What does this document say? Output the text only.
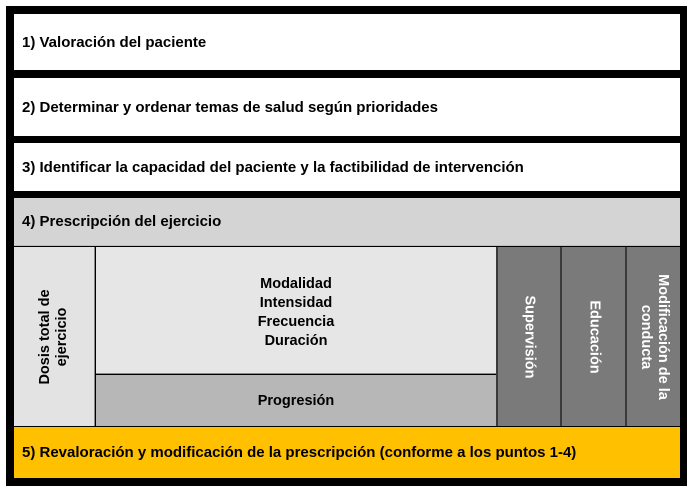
1) Valoración del paciente
2) Determinar y ordenar temas de salud según prioridades
3) Identificar la capacidad del paciente y la factibilidad de intervención
4) Prescripción del ejercicio
Dosis total de ejercicio
Modalidad
Intensidad
Frecuencia
Duración
Progresión
Supervisión	Educación	Modificación de la
conducta
5) Revaloración y modificación de la prescripción (conforme a los puntos 1-4)
